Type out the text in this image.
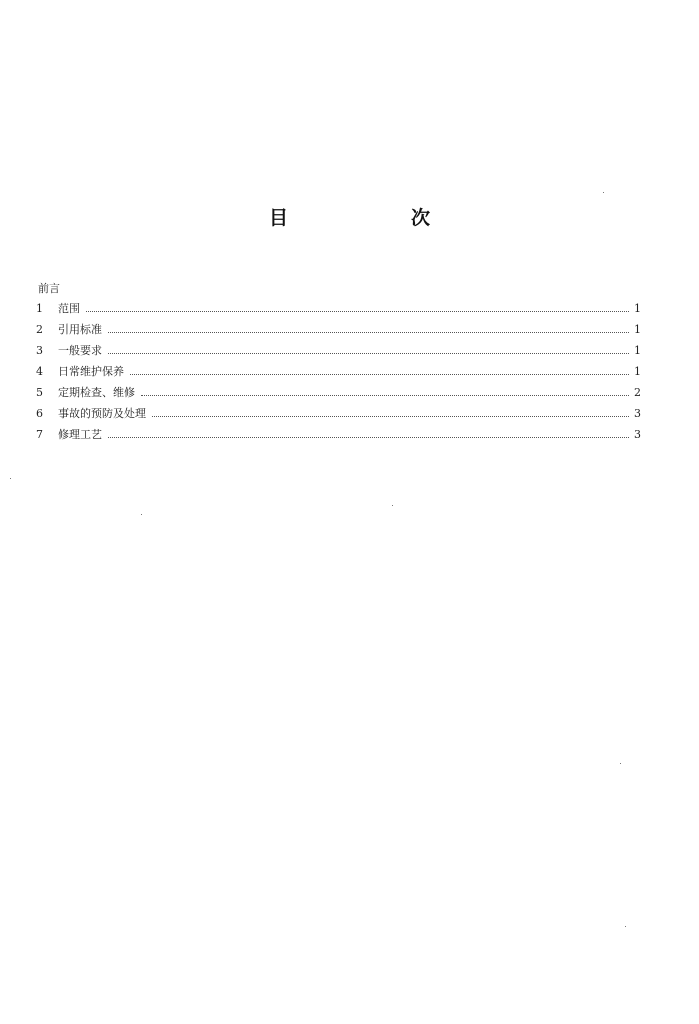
目　次
前言
1	范围	1
2	引用标准	1
3	一般要求	1
4	日常维护保养	1
5	定期检查、维修	2
6	事故的预防及处理	3
7	修理工艺	3
